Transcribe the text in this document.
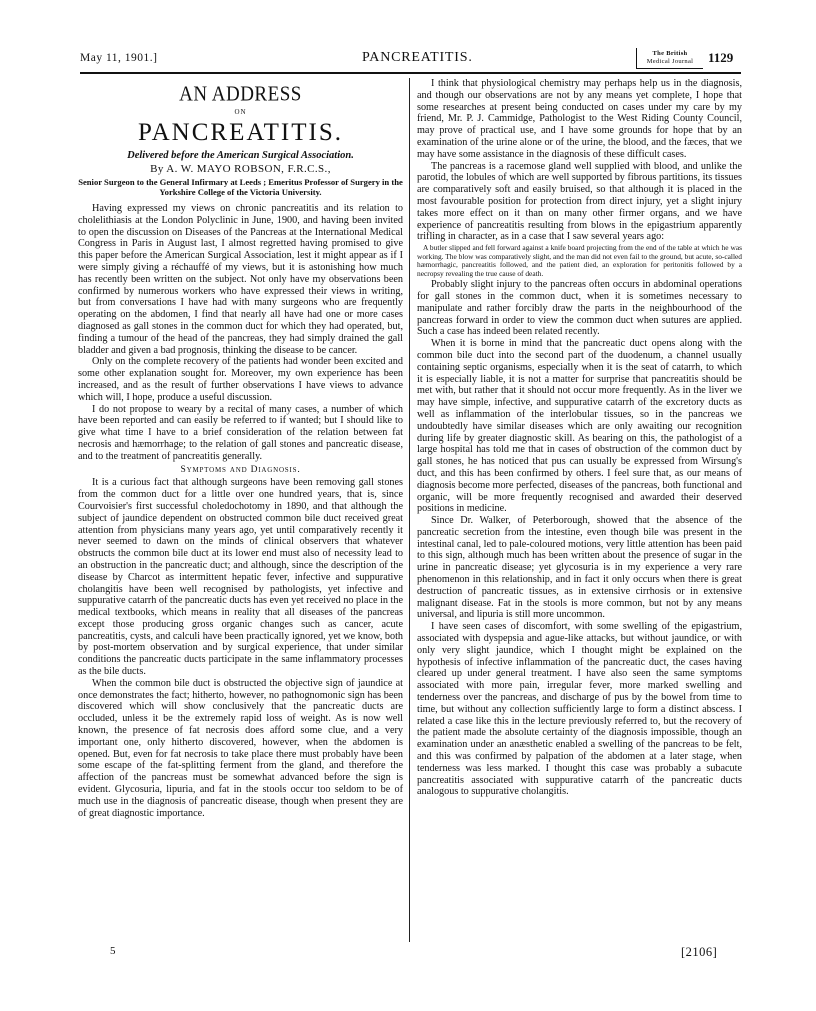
May 11, 1901.]	PANCREATITIS.	The British
Medical Journal	1129
AN ADDRESS
ON
PANCREATITIS.
Delivered before the American Surgical Association.
By A. W. MAYO ROBSON, F.R.C.S.,
Senior Surgeon to the General Infirmary at Leeds ; Emeritus Professor of Surgery in the Yorkshire College of the Victoria University.

Having expressed my views on chronic pancreatitis and its relation to cholelithiasis at the London Polyclinic in June, 1900, and having been invited to open the discussion on Diseases of the Pancreas at the International Medical Congress in Paris in August last, I almost regretted having promised to give this paper before the American Surgical Association, lest it might appear as if I were simply giving a réchauffé of my views, but it is astonishing how much has recently been written on the subject. Not only have my observations been confirmed by numerous workers who have expressed their views in writing, but from conversations I have had with many surgeons who are frequently operating on the abdomen, I find that nearly all have had one or more cases diagnosed as gall stones in the common duct for which they had operated, but, finding a tumour of the head of the pancreas, they had simply drained the gall bladder and given a bad prognosis, thinking the disease to be cancer.

Only on the complete recovery of the patients had wonder been excited and some other explanation sought for. Moreover, my own experience has been increased, and as the result of further observations I have views to advance which will, I hope, produce a useful discussion.

I do not propose to weary by a recital of many cases, a number of which have been reported and can easily be referred to if wanted; but I should like to give what time I have to a brief consideration of the relation between fat necrosis and hæmorrhage; to the relation of gall stones and pancreatic disease, and to the treatment of pancreatitis generally.

Symptoms and Diagnosis.

It is a curious fact that although surgeons have been removing gall stones from the common duct for a little over one hundred years, that is, since Courvoisier's first successful choledochotomy in 1890, and that although the subject of jaundice dependent on obstructed common bile duct received great attention from physicians many years ago, yet until comparatively recently it never seemed to dawn on the minds of clinical observers that whatever obstructs the common bile duct at its lower end must also of necessity lead to an obstruction in the pancreatic duct; and although, since the description of the disease by Charcot as intermittent hepatic fever, infective and suppurative cholangitis have been well recognised by pathologists, yet infective and suppurative catarrh of the pancreatic ducts has even yet received no place in the medical textbooks, which means in reality that all diseases of the pancreas except those producing gross organic changes such as cancer, acute pancreatitis, cysts, and calculi have been practically ignored, yet we know, both by post-mortem observation and by surgical experience, that under similar conditions the pancreatic ducts participate in the same inflammatory processes as the bile ducts.

When the common bile duct is obstructed the objective sign of jaundice at once demonstrates the fact; hitherto, however, no pathognomonic sign has been discovered which will show conclusively that the pancreatic ducts are occluded, unless it be the extremely rapid loss of weight. As is now well known, the presence of fat necrosis does afford some clue, and a very important one, only hitherto discovered, however, when the abdomen is opened. But, even for fat necrosis to take place there must probably have been some escape of the fat-splitting ferment from the gland, and therefore the affection of the pancreas must be somewhat advanced before the sign is evident. Glycosuria, lipuria, and fat in the stools occur too seldom to be of much use in the diagnosis of pancreatic disease, though when present they are of great diagnostic importance.

I think that physiological chemistry may perhaps help us in the diagnosis, and though our observations are not by any means yet complete, I hope that some researches at present being conducted on cases under my care by my friend, Mr. P. J. Cammidge, Pathologist to the West Riding County Council, may prove of practical use, and I have some grounds for hope that by an examination of the urine alone or of the urine, the blood, and the fæces, that we may have some assistance in the diagnosis of these difficult cases.

The pancreas is a racemose gland well supplied with blood, and unlike the parotid, the lobules of which are well supported by fibrous partitions, its tissues are comparatively soft and easily bruised, so that although it is placed in the most favourable position for protection from direct injury, yet a slight injury takes more effect on it than on many other firmer organs, and we have experience of pancreatitis resulting from blows in the epigastrium apparently trifling in character, as in a case that I saw several years ago:

A butler slipped and fell forward against a knife board projecting from the end of the table at which he was working. The blow was comparatively slight, and the man did not even fail to the ground, but acute, so-called hæmorrhagic, pancreatitis followed, and the patient died, an exploration for peritonitis followed by a necropsy revealing the true cause of death.

Probably slight injury to the pancreas often occurs in abdominal operations for gall stones in the common duct, when it is sometimes necessary to manipulate and rather forcibly draw the parts in the neighbourhood of the pancreas forward in order to view the common duct when sutures are applied. Such a case has indeed been related recently.

When it is borne in mind that the pancreatic duct opens along with the common bile duct into the second part of the duodenum, a channel usually containing septic organisms, especially when it is the seat of catarrh, to which it is especially liable, it is not a matter for surprise that pancreatitis should be met with, but rather that it should not occur more frequently. As in the liver we may have simple, infective, and suppurative catarrh of the excretory ducts as well as inflammation of the interlobular tissues, so in the pancreas we undoubtedly have similar diseases which are only awaiting our recognition during life by greater diagnostic skill. As bearing on this, the pathologist of a large hospital has told me that in cases of obstruction of the common duct by gall stones, he has noticed that pus can usually be expressed from Wirsung's duct, and this has been confirmed by others. I feel sure that, as our means of diagnosis become more perfected, diseases of the pancreas, both functional and organic, will be more frequently recognised and awarded their deserved positions in medicine.

Since Dr. Walker, of Peterborough, showed that the absence of the pancreatic secretion from the intestine, even though bile was present in the intestinal canal, led to pale-coloured motions, very little attention has been paid to this sign, although much has been written about the presence of sugar in the urine in pancreatic disease; yet glycosuria is in my experience a very rare phenomenon in this relationship, and in fact it only occurs when there is great destruction of pancreatic tissues, as in extensive cirrhosis or in extensive malignant disease. Fat in the stools is more common, but not by any means universal, and lipuria is still more uncommon.

I have seen cases of discomfort, with some swelling of the epigastrium, associated with dyspepsia and ague-like attacks, but without jaundice, or with only very slight jaundice, which I thought might be explained on the hypothesis of infective inflammation of the pancreatic duct, the cases having cleared up under general treatment. I have also seen the same symptoms associated with more pain, irregular fever, more marked swelling and tenderness over the pancreas, and discharge of pus by the bowel from time to time, but without any collection sufficiently large to form a distinct abscess. I related a case like this in the lecture previously referred to, but the recovery of the patient made the absolute certainty of the diagnosis impossible, though an examination under an anæsthetic enabled a swelling of the pancreas to be felt, and this was confirmed by palpation of the abdomen at a later stage, when tenderness was less marked. I thought this case was probably a subacute pancreatitis associated with suppurative catarrh of the pancreatic ducts analogous to suppurative cholangitis.

5	[2106]
